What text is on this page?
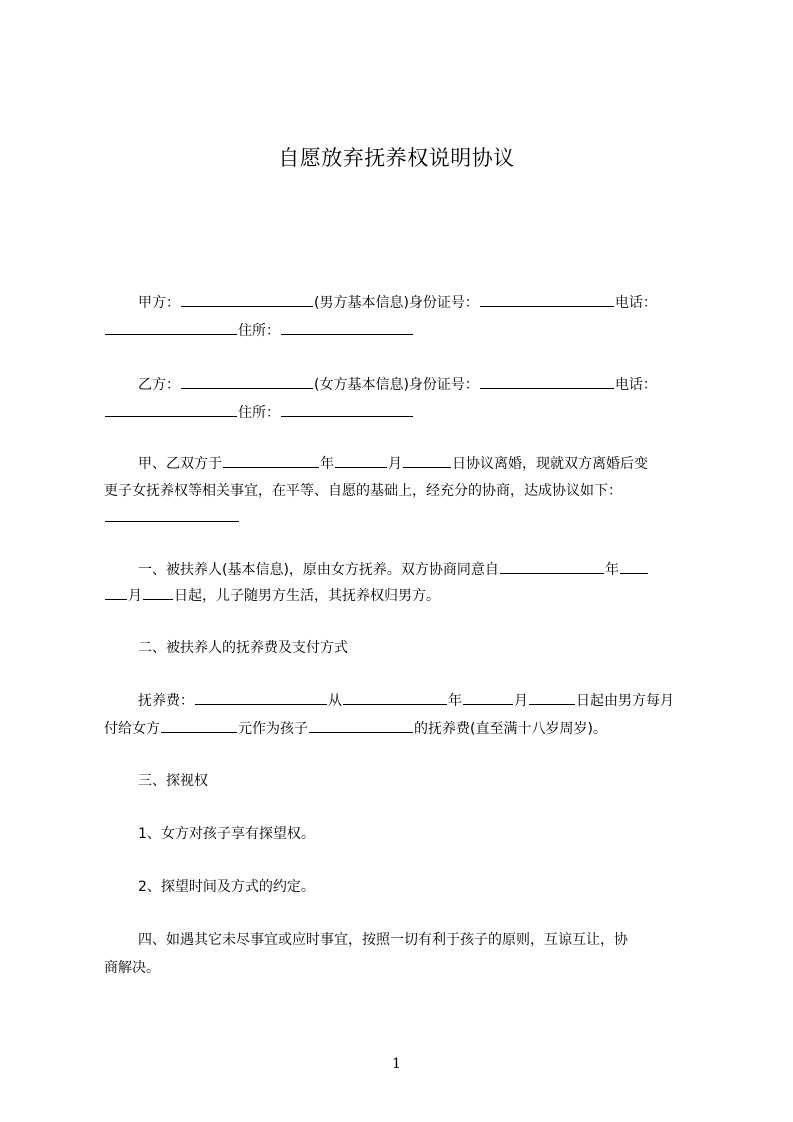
自愿放弃抚养权说明协议
甲方：	(男方基本信息)身份证号：	电话：
住所：
乙方：	(女方基本信息)身份证号：	电话：
住所：
甲、乙双方于	年	月	日协议离婚，现就双方离婚后变
更子女抚养权等相关事宜，在平等、自愿的基础上，经充分的协商，达成协议如下：
一、被扶养人(基本信息)，原由女方抚养。双方协商同意自	年
月 日起，儿子随男方生活，其抚养权归男方。
二、被扶养人的抚养费及支付方式
抚养费：	从	年	月	日起由男方每月
付给女方	元作为孩子	的抚养费(直至满十八岁周岁)。
三、探视权
1、女方对孩子享有探望权。
2、探望时间及方式的约定。
四、如遇其它未尽事宜或应时事宜，按照一切有利于孩子的原则，互谅互让，协
商解决。
1
